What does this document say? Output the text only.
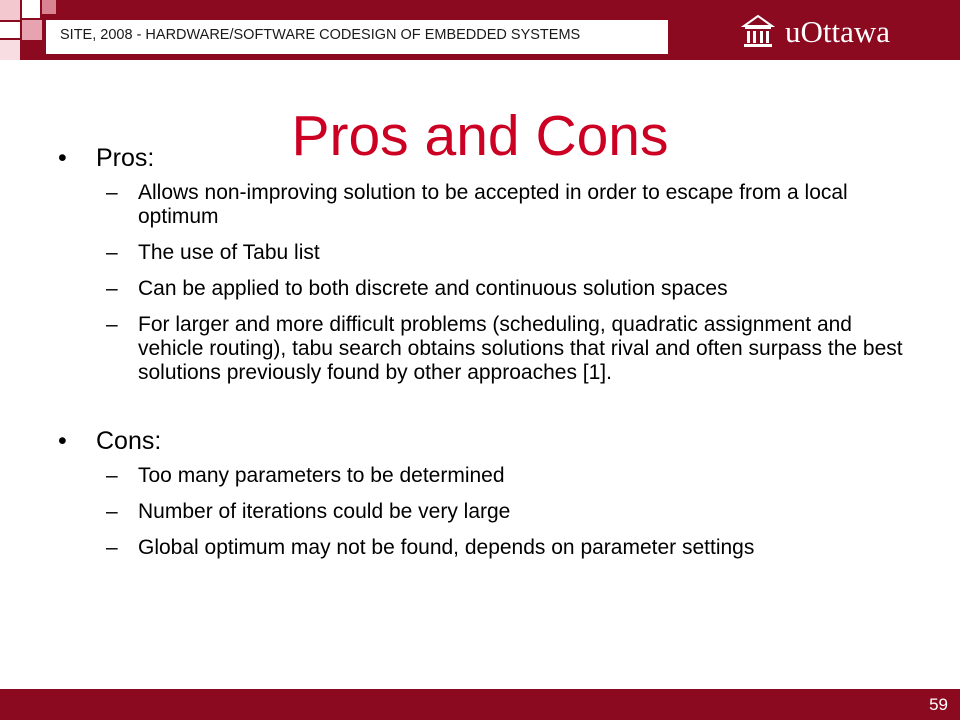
SITE, 2008 - HARDWARE/SOFTWARE CODESIGN OF EMBEDDED SYSTEMS	uOttawa
Pros and Cons
• Pros:
– Allows non-improving solution to be accepted in order to escape from a local optimum
– The use of Tabu list
– Can be applied to both discrete and continuous solution spaces
– For larger and more difficult problems (scheduling, quadratic assignment and vehicle routing), tabu search obtains solutions that rival and often surpass the best solutions previously found by other approaches [1].
• Cons:
– Too many parameters to be determined
– Number of iterations could be very large
– Global optimum may not be found, depends on parameter settings
59
